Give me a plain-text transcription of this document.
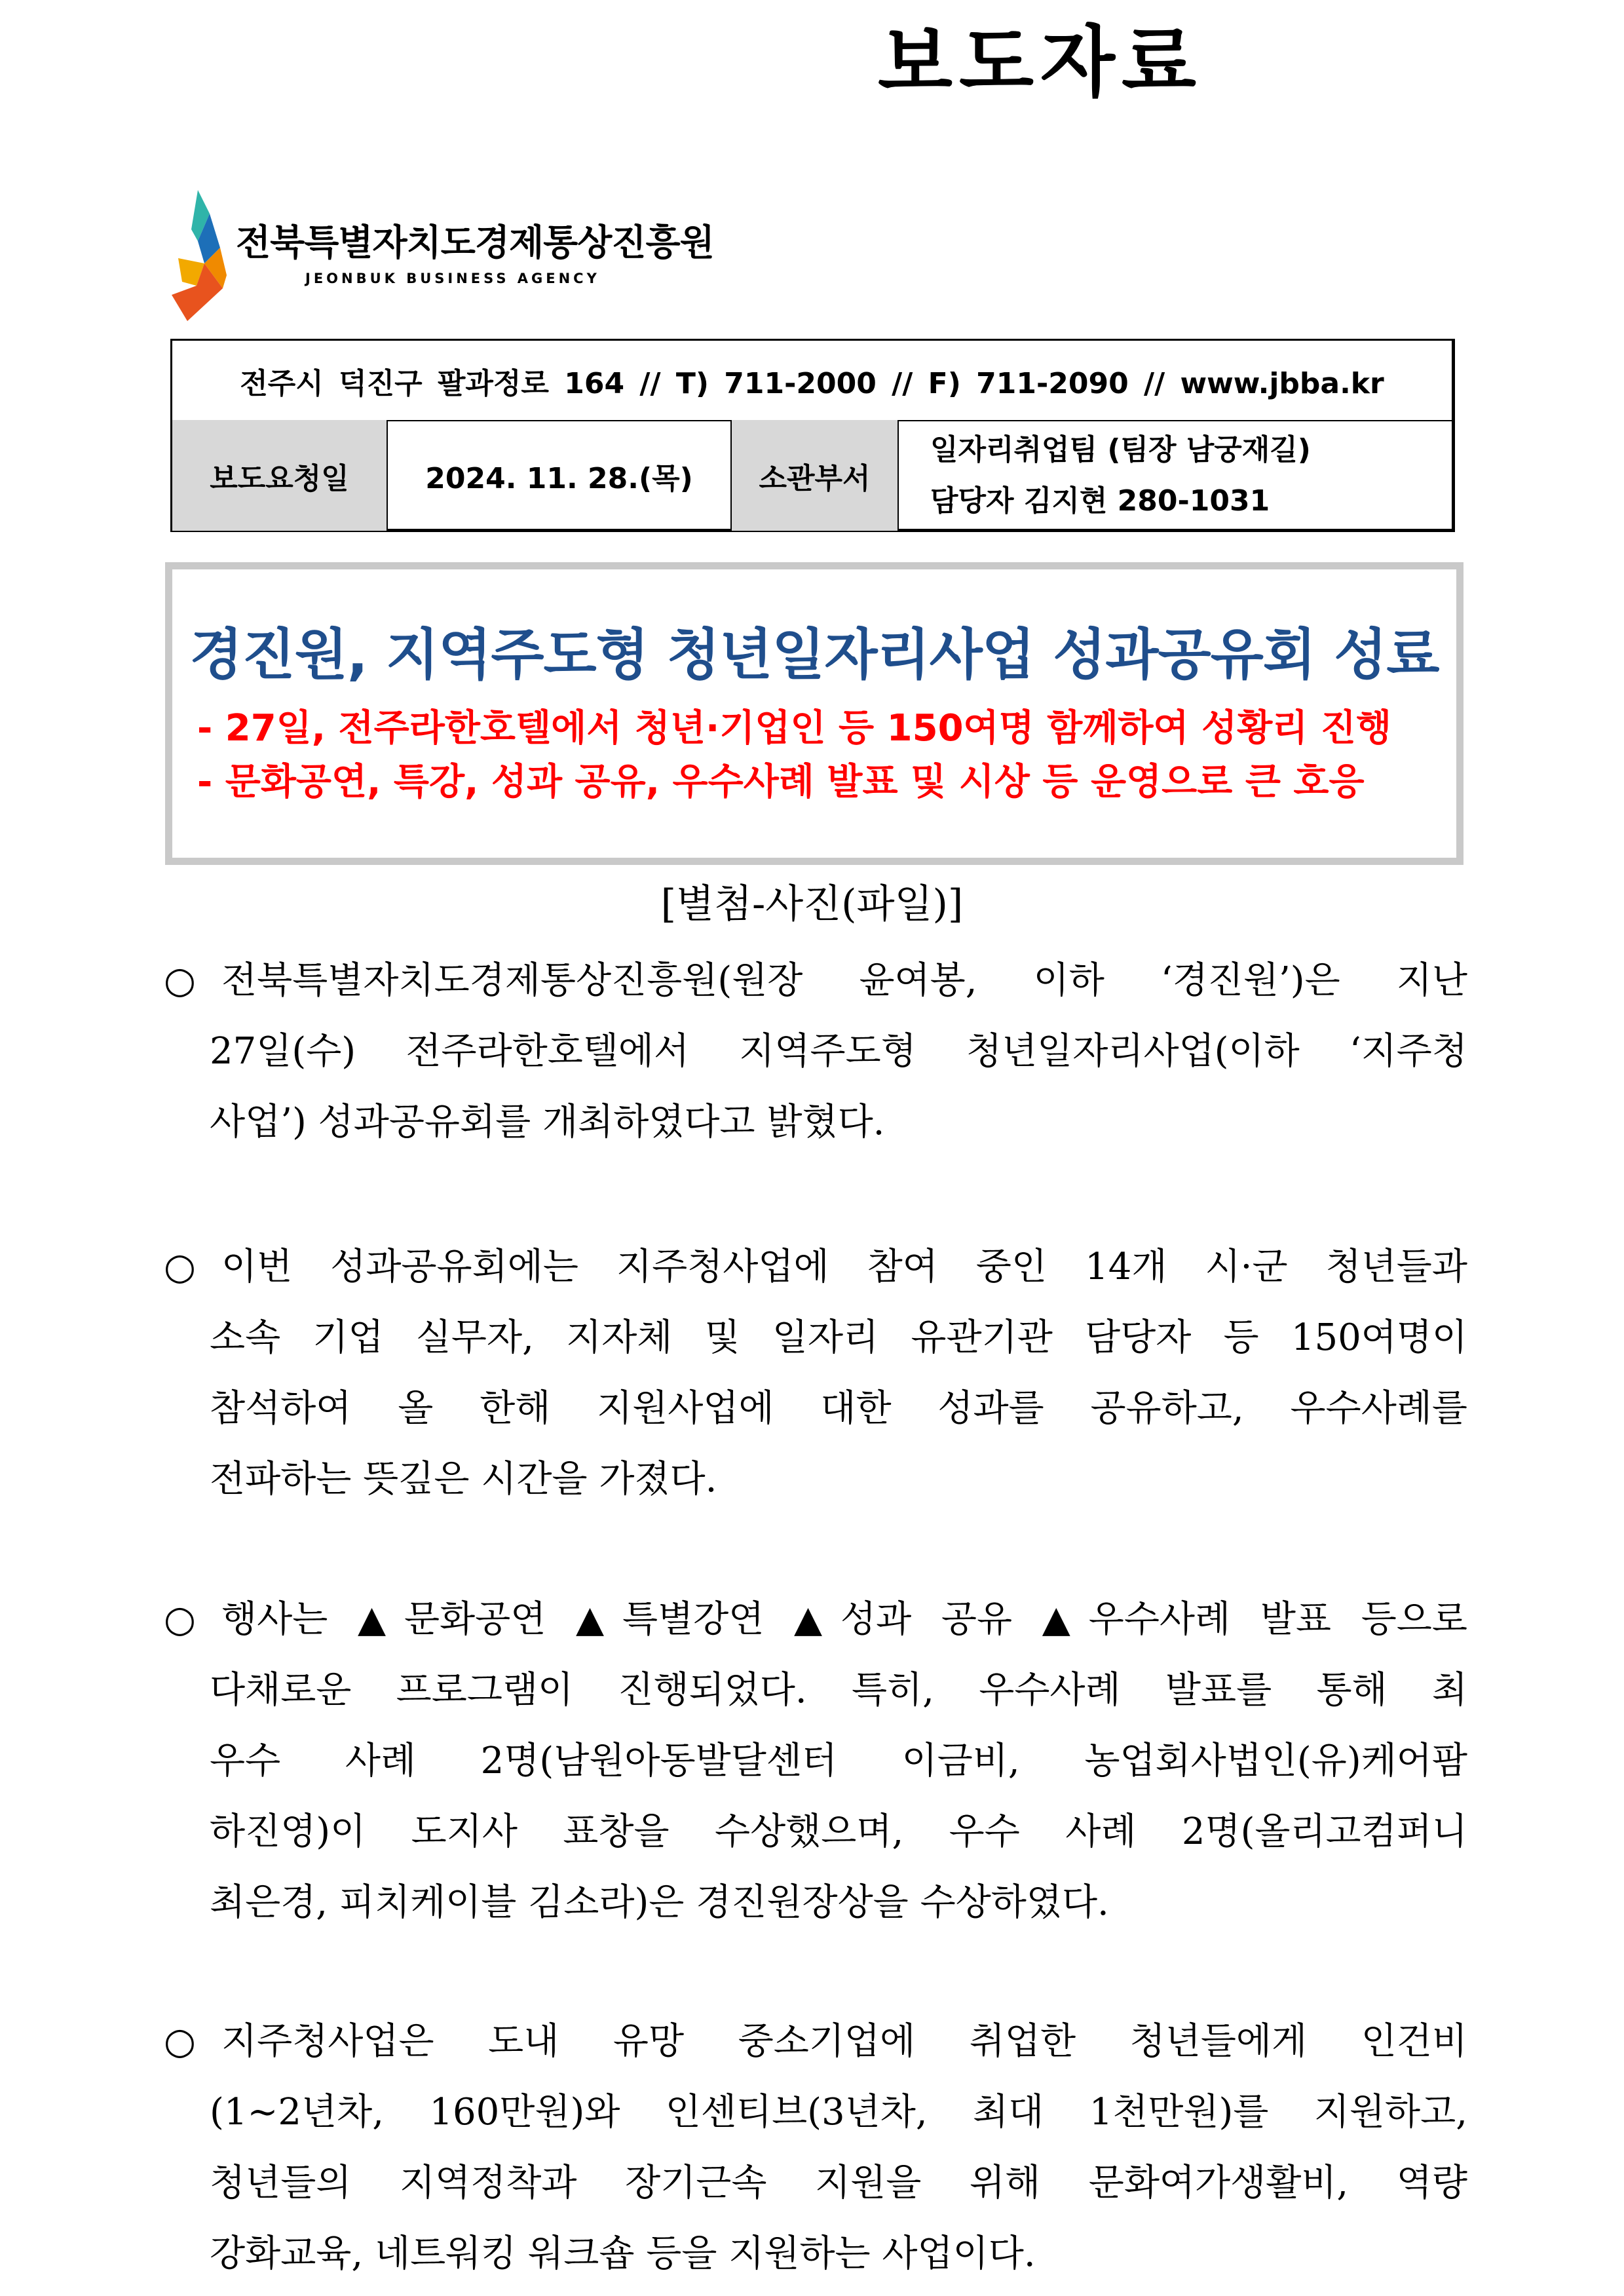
보도자료
전북특별자치도경제통상진흥원
JEONBUK BUSINESS AGENCY
전주시 덕진구 팔과정로 164 // T) 711-2000 // F) 711-2090 // www.jbba.kr
보도요청일	2024. 11. 28.(목)	소관부서
일자리취업팀 (팀장 남궁재길)
담당자 김지현 280-1031
경진원, 지역주도형 청년일자리사업 성과공유회 성료
- 27일, 전주라한호텔에서 청년·기업인 등 150여명 함께하여 성황리 진행
- 문화공연, 특강, 성과 공유, 우수사례 발표 및 시상 등 운영으로 큰 호응
[별첨-사진(파일)]
○ 전북특별자치도경제통상진흥원(원장 윤여봉, 이하 ‘경진원’)은 지난
27일(수) 전주라한호텔에서 지역주도형 청년일자리사업(이하 ‘지주청
사업’) 성과공유회를 개최하였다고 밝혔다.
○ 이번 성과공유회에는 지주청사업에 참여 중인 14개 시·군 청년들과
소속 기업 실무자, 지자체 및 일자리 유관기관 담당자 등 150여명이
참석하여 올 한해 지원사업에 대한 성과를 공유하고, 우수사례를
전파하는 뜻깊은 시간을 가졌다.
○ 행사는 ▲문화공연 ▲특별강연 ▲성과 공유 ▲우수사례 발표 등으로
다채로운 프로그램이 진행되었다. 특히, 우수사례 발표를 통해 최
우수 사례 2명(남원아동발달센터 이금비, 농업회사법인(유)케어팜
하진영)이 도지사 표창을 수상했으며, 우수 사례 2명(올리고컴퍼니
최은경, 피치케이블 김소라)은 경진원장상을 수상하였다.
○ 지주청사업은 도내 유망 중소기업에 취업한 청년들에게 인건비
(1~2년차, 160만원)와 인센티브(3년차, 최대 1천만원)를 지원하고,
청년들의 지역정착과 장기근속 지원을 위해 문화여가생활비, 역량
강화교육, 네트워킹 워크숍 등을 지원하는 사업이다.
